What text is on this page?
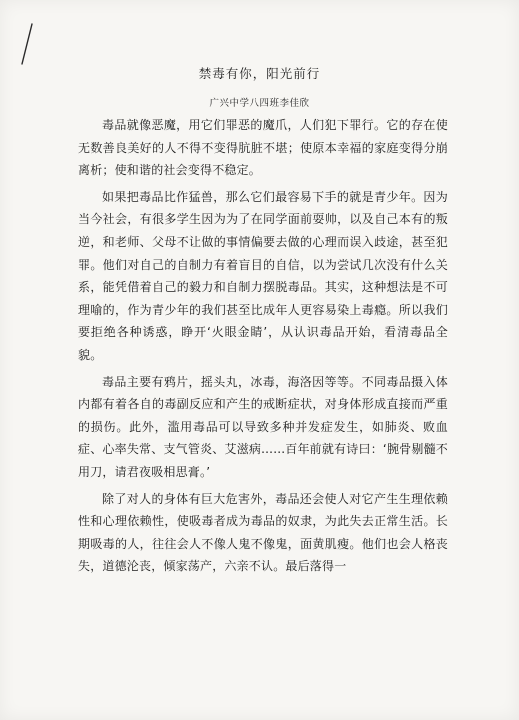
禁毒有你，阳光前行
广兴中学八四班李佳欣

毒品就像恶魔，用它们罪恶的魔爪，人们犯下罪行。它的存在使无数善良美好的人不得不变得肮脏不堪；使原本幸福的家庭变得分崩离析；使和谐的社会变得不稳定。

如果把毒品比作猛兽，那么它们最容易下手的就是青少年。因为当今社会，有很多学生因为为了在同学面前耍帅，以及自己本有的叛逆，和老师、父母不让做的事情偏要去做的心理而误入歧途，甚至犯罪。他们对自己的自制力有着盲目的自信，以为尝试几次没有什么关系，能凭借着自己的毅力和自制力摆脱毒品。其实，这种想法是不可理喻的，作为青少年的我们甚至比成年人更容易染上毒瘾。所以我们要拒绝各种诱惑，睁开‘火眼金睛’，从认识毒品开始，看清毒品全貌。

毒品主要有鸦片，摇头丸，冰毒，海洛因等等。不同毒品摄入体内都有着各自的毒副反应和产生的戒断症状，对身体形成直接而严重的损伤。此外，滥用毒品可以导致多种并发症发生，如肺炎、败血症、心率失常、支气管炎、艾滋病......百年前就有诗曰：‘腕骨剔髓不用刀，请君夜吸相思膏。’

除了对人的身体有巨大危害外，毒品还会使人对它产生生理依赖性和心理依赖性，使吸毒者成为毒品的奴隶，为此失去正常生活。长期吸毒的人，往往会人不像人鬼不像鬼，面黄肌瘦。他们也会人格丧失，道德沦丧，倾家荡产，六亲不认。最后落得一
